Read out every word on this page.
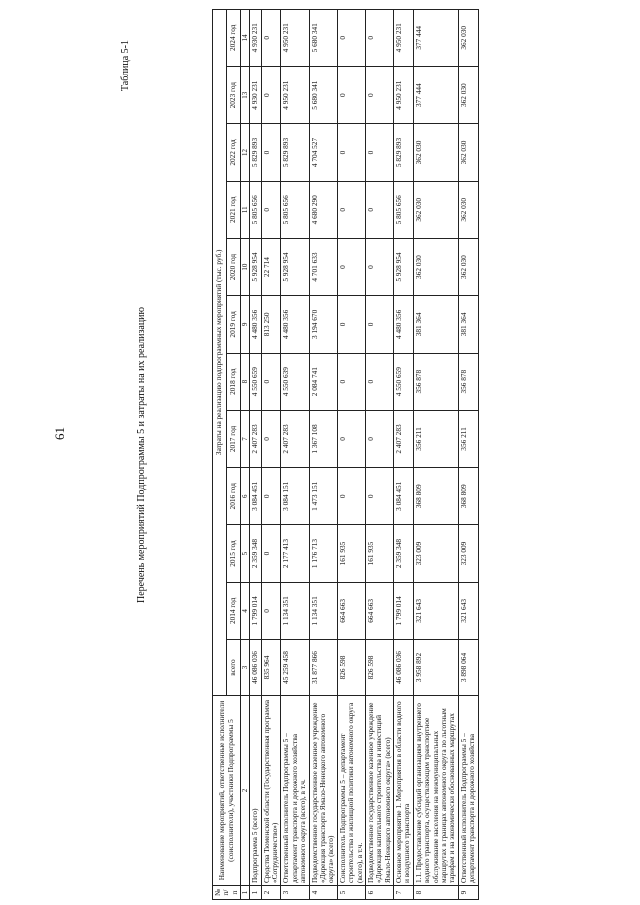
61
Таблица 5-1
Перечень мероприятий Подпрограммы 5 и затраты на их реализацию
№ п/п	Наименование мероприятий, ответственные исполнители (соисполнители), участники Подпрограммы 5	Затраты на реализацию подпрограммных мероприятий (тыс. руб.)											
		всего	2014 год	2015 год	2016 год	2017 год	2018 год	2019 год	2020 год	2021 год	2022 год	2023 год	2024 год
1	2	3	4	5	6	7	8	9	10	11	12	13	14
1	Подпрограмма 5 (всего)	46 086 036	1 799 014	2 359 348	3 084 451	2 407 283	4 550 659	4 480 356	5 928 954	5 805 656	5 829 893	4 930 231	4 930 231
2	Средства Тюменской области (Государственная программа «Сотрудничество»)	835 964	0	0	0	0	0	813 250	22 714	0	0	0	0
3	Ответственный исполнитель Подпрограммы 5 – департамент транспорта и дорожного хозяйства автономного округа (всего), в т.ч.	45 259 458	1 134 351	2 177 413	3 084 151	2 407 283	4 550 639	4 480 356	5 928 954	5 805 656	5 829 893	4 950 231	4 950 231
4	Подведомственное государственное казенное учреждение «Дирекция транспорта Ямало-Ненецкого автономного округа» (всего)	31 877 866	1 134 351	1 176 713	1 473 151	1 367 108	2 084 741	3 194 670	4 701 633	4 680 290	4 704 527	5 680 341	5 680 341
5	Соисполнитель Подпрограммы 5 – департамент строительства и жилищной политики автономного округа (всего), в т.ч.	826 598	664 663	161 935	0	0	0	0	0	0	0	0	0
6	Подведомственное государственное казенное учреждение «Дирекция капитального строительства и инвестиций Ямало-Ненецкого автономного округа» (всего)	826 598	664 663	161 935	0	0	0	0	0	0	0	0	0
7	Основное мероприятие 1. Мероприятия в области водного и воздушного транспорта	46 086 036	1 799 014	2 359 348	3 084 451	2 407 283	4 550 659	4 480 356	5 928 954	5 805 656	5 829 893	4 950 231	4 950 231
8	1.1. Предоставление субсидий организациям внутреннего водного транспорта, осуществляющим транспортное обслуживание населения на межмуниципальных маршрутах в границах автономного округа по льготным тарифам и на экономически обоснованных маршрутах	3 958 892	321 643	323 009	368 809	356 211	356 878	381 364	362 030	362 030	362 030	377 444	377 444
9	Ответственный исполнитель Подпрограммы 5 – департамент транспорта и дорожного хозяйства	3 898 064	321 643	323 009	368 809	356 211	356 878	381 364	362 030	362 030	362 030	362 030	362 030
